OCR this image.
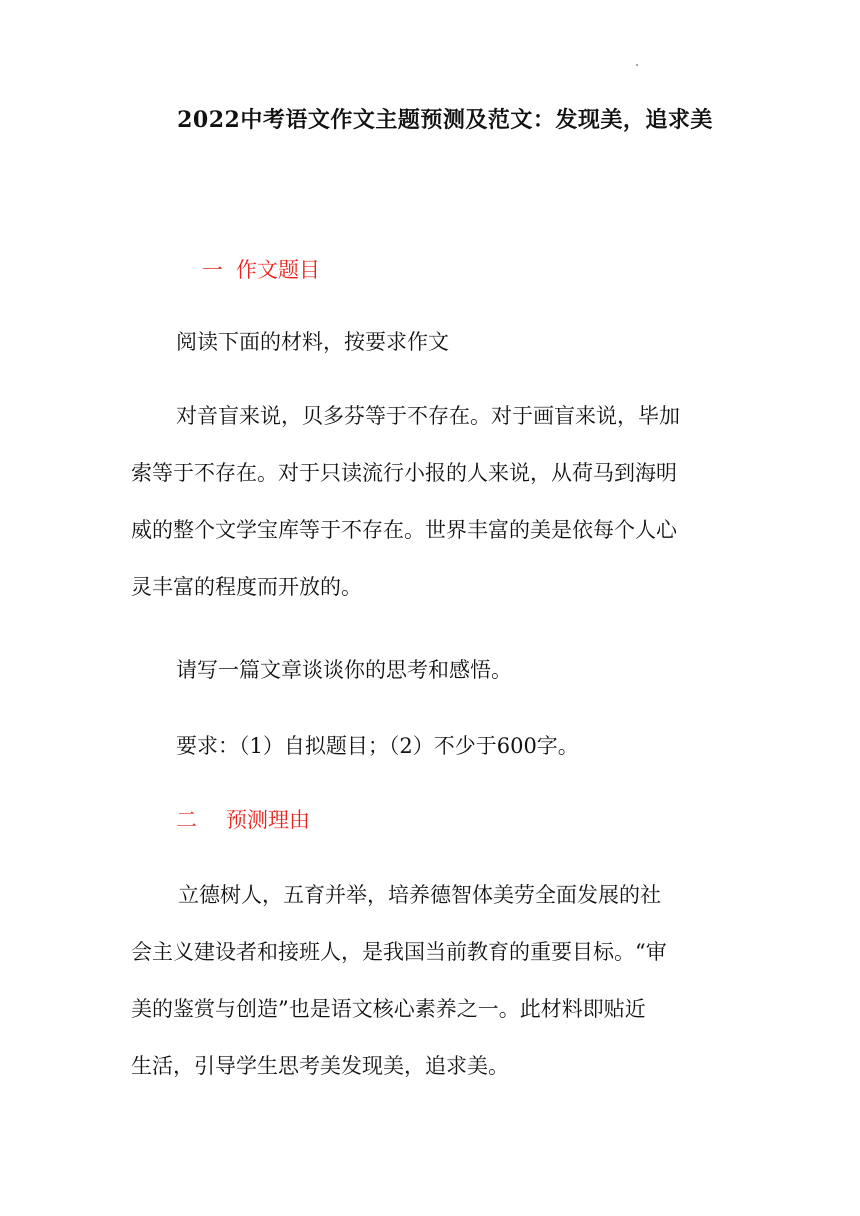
2022中考语文作文主题预测及范文：发现美，追求美
一 作文题目
阅读下面的材料，按要求作文
对音盲来说，贝多芬等于不存在。对于画盲来说，毕加
索等于不存在。对于只读流行小报的人来说，从荷马到海明
威的整个文学宝库等于不存在。世界丰富的美是依每个人心
灵丰富的程度而开放的。
请写一篇文章谈谈你的思考和感悟。
要求：（1）自拟题目；（2）不少于600字。
二 预测理由
立德树人，五育并举，培养德智体美劳全面发展的社
会主义建设者和接班人，是我国当前教育的重要目标。“审
美的鉴赏与创造”也是语文核心素养之一。此材料即贴近
生活，引导学生思考美发现美，追求美。
